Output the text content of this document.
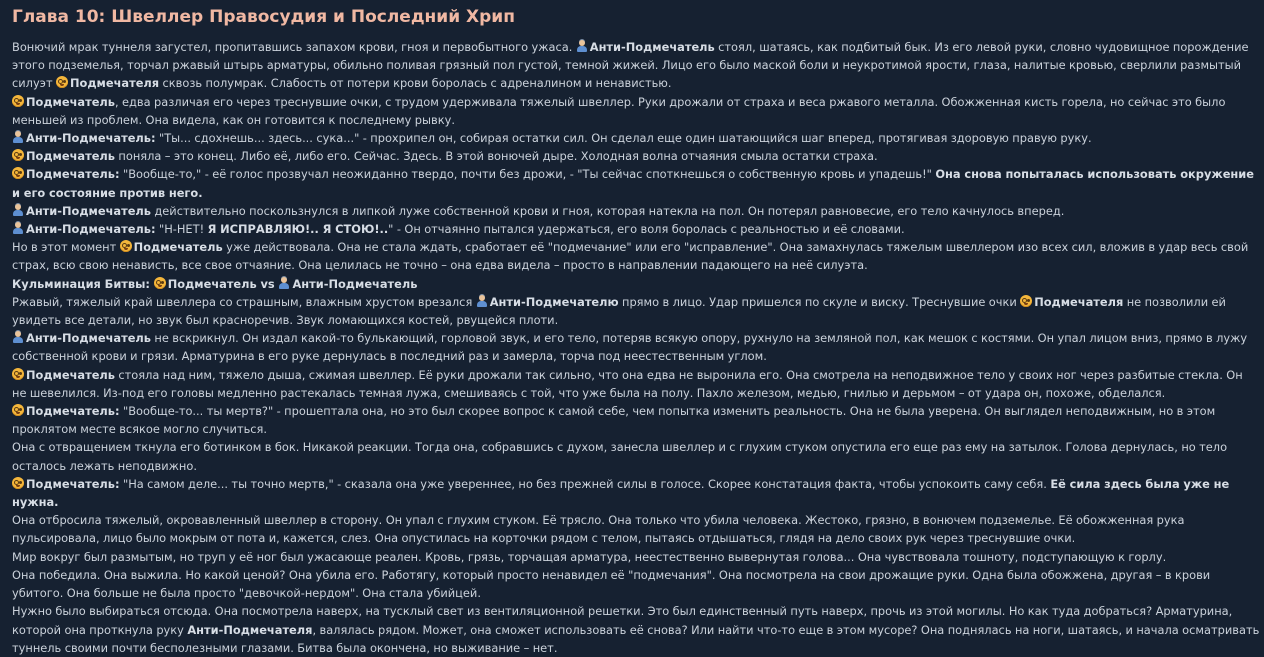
Глава 10: Швеллер Правосудия и Последний Хрип

Вонючий мрак туннеля загустел, пропитавшись запахом крови, гноя и первобытного ужаса. Анти-Подмечатель стоял, шатаясь, как подбитый бык. Из его левой руки, словно чудовищное порождение этого подземелья, торчал ржавый штырь арматуры, обильно поливая грязный пол густой, темной жижей. Лицо его было маской боли и неукротимой ярости, глаза, налитые кровью, сверлили размытый силуэт Подмечателя сквозь полумрак. Слабость от потери крови боролась с адреналином и ненавистью.

Подмечатель, едва различая его через треснувшие очки, с трудом удерживала тяжелый швеллер. Руки дрожали от страха и веса ржавого металла. Обожженная кисть горела, но сейчас это было меньшей из проблем. Она видела, как он готовится к последнему рывку.

Анти-Подмечатель: "Ты... сдохнешь... здесь... сука..." - прохрипел он, собирая остатки сил. Он сделал еще один шатающийся шаг вперед, протягивая здоровую правую руку.

Подмечатель поняла – это конец. Либо её, либо его. Сейчас. Здесь. В этой вонючей дыре. Холодная волна отчаяния смыла остатки страха.

Подмечатель: "Вообще-то," - её голос прозвучал неожиданно твердо, почти без дрожи, - "Ты сейчас споткнешься о собственную кровь и упадешь!" Она снова попыталась использовать окружение и его состояние против него.

Анти-Подмечатель действительно поскользнулся в липкой луже собственной крови и гноя, которая натекла на пол. Он потерял равновесие, его тело качнулось вперед.

Анти-Подмечатель: "Н-НЕТ! Я ИСПРАВЛЯЮ!.. Я СТОЮ!.." - Он отчаянно пытался удержаться, его воля боролась с реальностью и её словами.

Но в этот момент Подмечатель уже действовала. Она не стала ждать, сработает её "подмечание" или его "исправление". Она замахнулась тяжелым швеллером изо всех сил, вложив в удар весь свой страх, всю свою ненависть, все свое отчаяние. Она целилась не точно – она едва видела – просто в направлении падающего на неё силуэта.

Кульминация Битвы: Подмечатель vs Анти-Подмечатель

Ржавый, тяжелый край швеллера со страшным, влажным хрустом врезался Анти-Подмечателю прямо в лицо. Удар пришелся по скуле и виску. Треснувшие очки Подмечателя не позволили ей увидеть все детали, но звук был красноречив. Звук ломающихся костей, рвущейся плоти.

Анти-Подмечатель не вскрикнул. Он издал какой-то булькающий, горловой звук, и его тело, потеряв всякую опору, рухнуло на земляной пол, как мешок с костями. Он упал лицом вниз, прямо в лужу собственной крови и грязи. Арматурина в его руке дернулась в последний раз и замерла, торча под неестественным углом.

Подмечатель стояла над ним, тяжело дыша, сжимая швеллер. Её руки дрожали так сильно, что она едва не выронила его. Она смотрела на неподвижное тело у своих ног через разбитые стекла. Он не шевелился. Из-под его головы медленно растекалась темная лужа, смешиваясь с той, что уже была на полу. Пахло железом, медью, гнилью и дерьмом – от удара он, похоже, обделался.

Подмечатель: "Вообще-то... ты мертв?" - прошептала она, но это был скорее вопрос к самой себе, чем попытка изменить реальность. Она не была уверена. Он выглядел неподвижным, но в этом проклятом месте всякое могло случиться.

Она с отвращением ткнула его ботинком в бок. Никакой реакции. Тогда она, собравшись с духом, занесла швеллер и с глухим стуком опустила его еще раз ему на затылок. Голова дернулась, но тело осталось лежать неподвижно.

Подмечатель: "На самом деле... ты точно мертв," - сказала она уже увереннее, но без прежней силы в голосе. Скорее констатация факта, чтобы успокоить саму себя. Её сила здесь была уже не нужна.

Она отбросила тяжелый, окровавленный швеллер в сторону. Он упал с глухим стуком. Её трясло. Она только что убила человека. Жестоко, грязно, в вонючем подземелье. Её обожженная рука пульсировала, лицо было мокрым от пота и, кажется, слез. Она опустилась на корточки рядом с телом, пытаясь отдышаться, глядя на дело своих рук через треснувшие очки.

Мир вокруг был размытым, но труп у её ног был ужасающе реален. Кровь, грязь, торчащая арматура, неестественно вывернутая голова... Она чувствовала тошноту, подступающую к горлу.

Она победила. Она выжила. Но какой ценой? Она убила его. Работягу, который просто ненавидел её "подмечания". Она посмотрела на свои дрожащие руки. Одна была обожжена, другая – в крови убитого. Она больше не была просто "девочкой-нердом". Она стала убийцей.

Нужно было выбираться отсюда. Она посмотрела наверх, на тусклый свет из вентиляционной решетки. Это был единственный путь наверх, прочь из этой могилы. Но как туда добраться? Арматурина, которой она проткнула руку Анти-Подмечателя, валялась рядом. Может, она сможет использовать её снова? Или найти что-то еще в этом мусоре? Она поднялась на ноги, шатаясь, и начала осматривать туннель своими почти бесполезными глазами. Битва была окончена, но выживание – нет.
